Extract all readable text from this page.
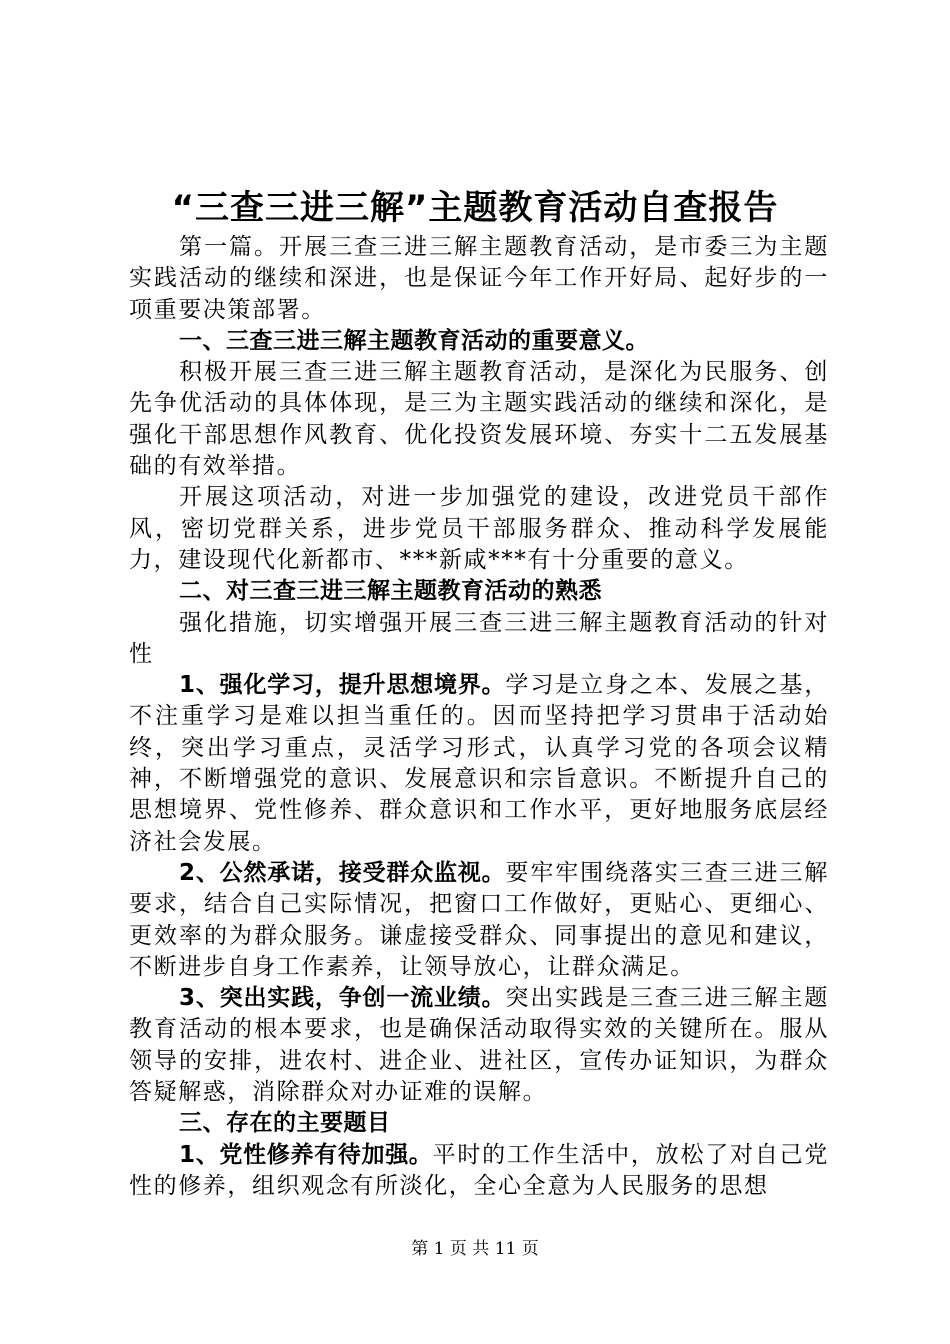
“三查三进三解”主题教育活动自查报告

第一篇。开展三查三进三解主题教育活动，是市委三为主题实践活动的继续和深进，也是保证今年工作开好局、起好步的一项重要决策部署。

一、三查三进三解主题教育活动的重要意义。

积极开展三查三进三解主题教育活动，是深化为民服务、创先争优活动的具体体现，是三为主题实践活动的继续和深化，是强化干部思想作风教育、优化投资发展环境、夯实十二五发展基础的有效举措。

开展这项活动，对进一步加强党的建设，改进党员干部作风，密切党群关系，进步党员干部服务群众、推动科学发展能力，建设现代化新都市、***新咸***有十分重要的意义。

二、对三查三进三解主题教育活动的熟悉

强化措施，切实增强开展三查三进三解主题教育活动的针对性

1、强化学习，提升思想境界。学习是立身之本、发展之基，不注重学习是难以担当重任的。因而坚持把学习贯串于活动始终，突出学习重点，灵活学习形式，认真学习党的各项会议精神，不断增强党的意识、发展意识和宗旨意识。不断提升自己的思想境界、党性修养、群众意识和工作水平，更好地服务底层经济社会发展。

2、公然承诺，接受群众监视。要牢牢围绕落实三查三进三解要求，结合自己实际情况，把窗口工作做好，更贴心、更细心、更效率的为群众服务。谦虚接受群众、同事提出的意见和建议，不断进步自身工作素养，让领导放心，让群众满足。

3、突出实践，争创一流业绩。突出实践是三查三进三解主题教育活动的根本要求，也是确保活动取得实效的关键所在。服从领导的安排，进农村、进企业、进社区，宣传办证知识，为群众答疑解惑，消除群众对办证难的误解。

三、存在的主要题目

1、党性修养有待加强。平时的工作生活中，放松了对自己党性的修养，组织观念有所淡化，全心全意为人民服务的思想

第 1 页 共 11 页
